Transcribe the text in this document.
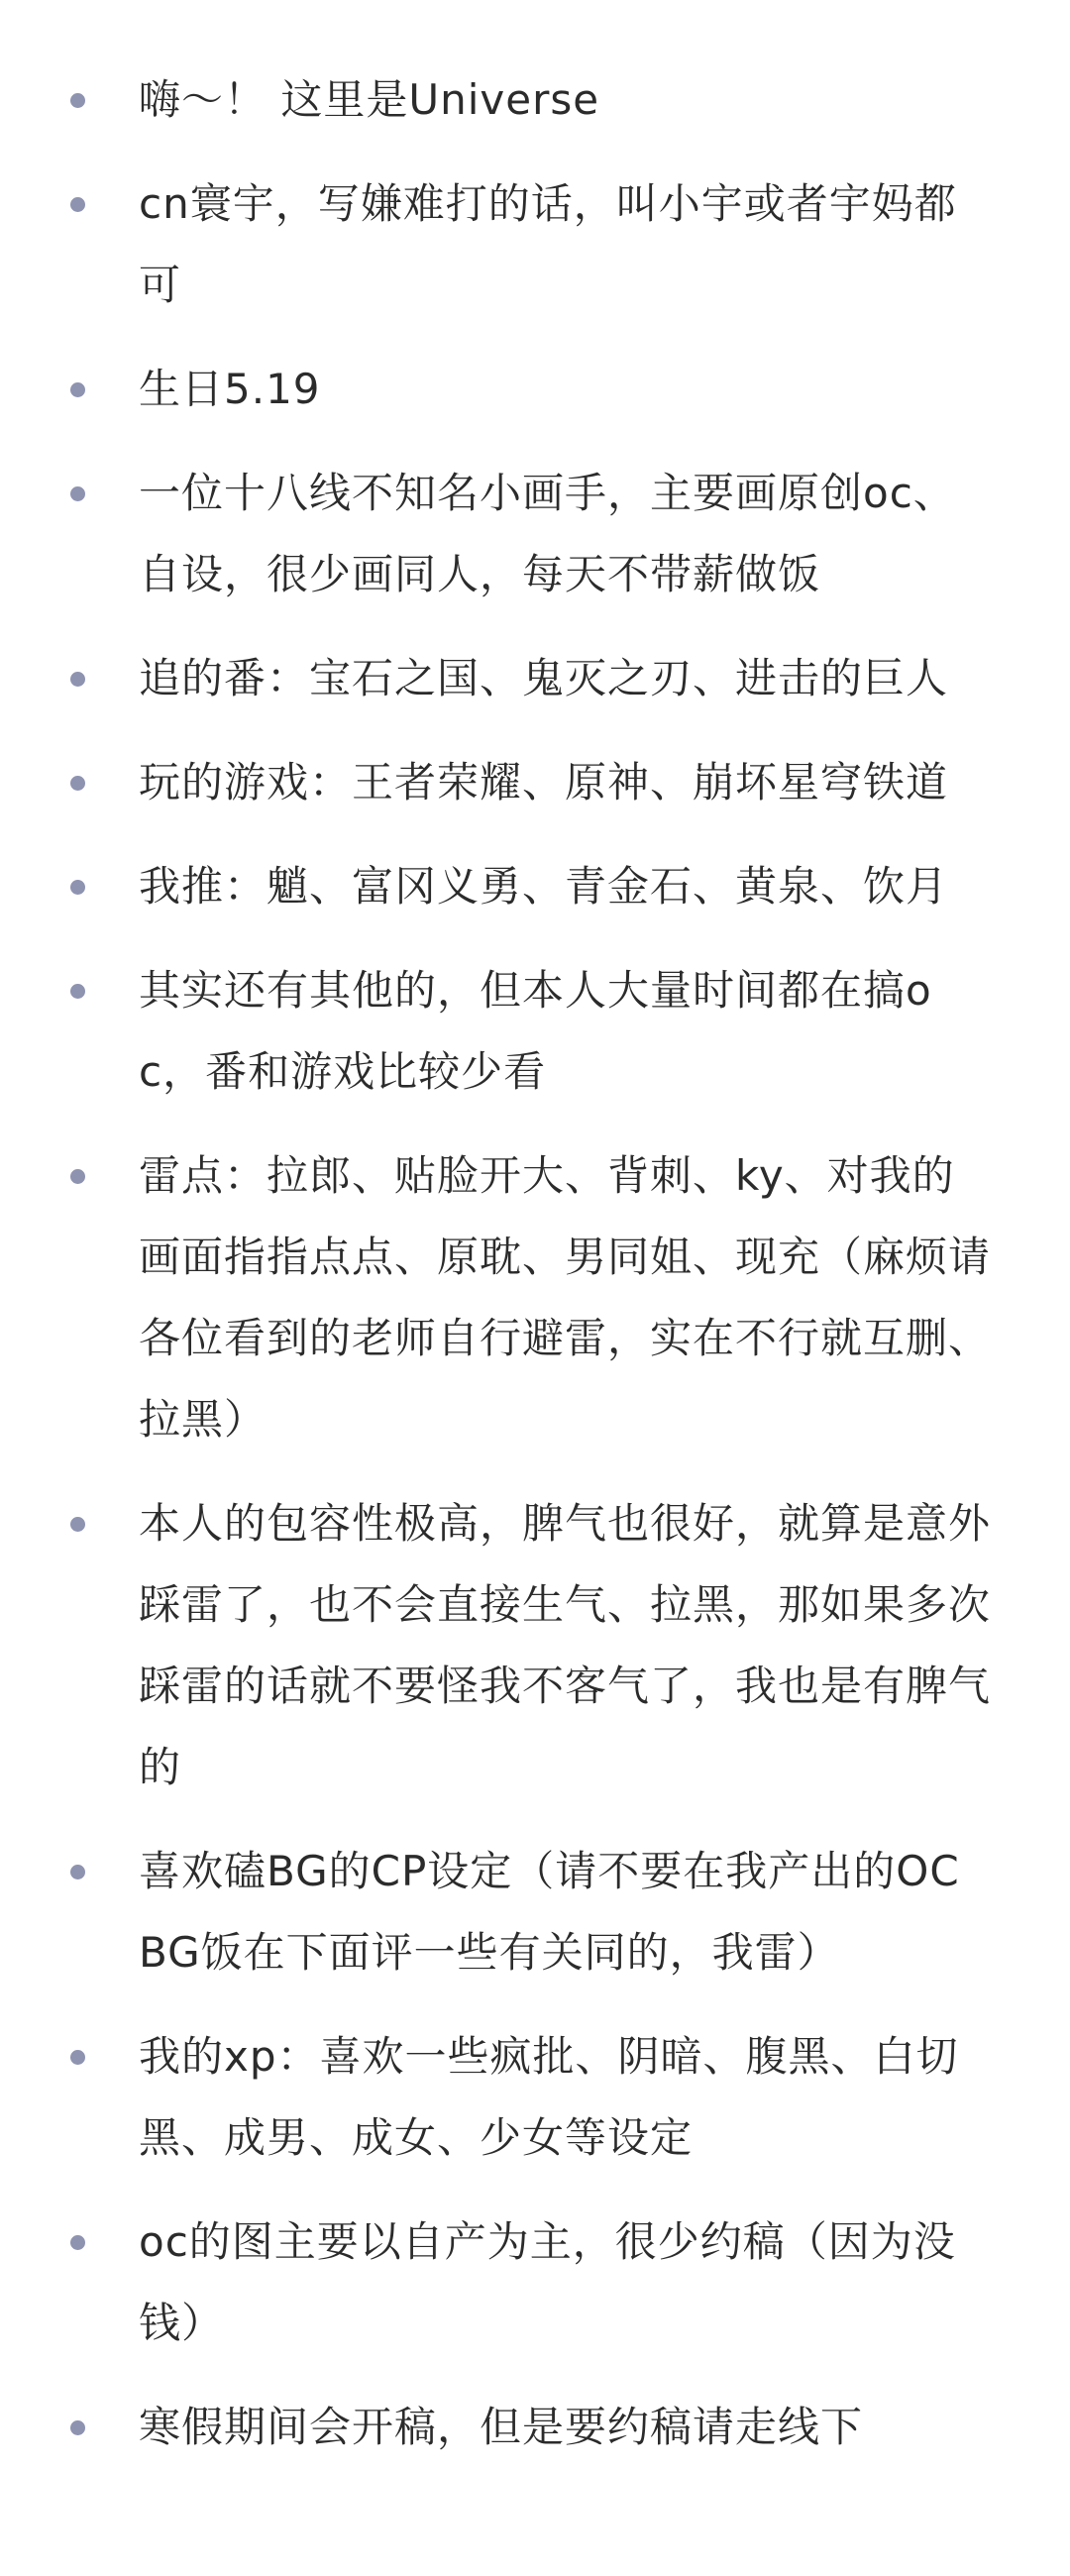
嗨～！ 这里是Universe
cn寰宇，写嫌难打的话，叫小宇或者宇妈都可
生日5.19
一位十八线不知名小画手，主要画原创oc、自设，很少画同人，每天不带薪做饭
追的番：宝石之国、鬼灭之刃、进击的巨人
玩的游戏：王者荣耀、原神、崩坏星穹铁道
我推：魈、富冈义勇、青金石、黄泉、饮月
其实还有其他的，但本人大量时间都在搞oc，番和游戏比较少看
雷点：拉郎、贴脸开大、背刺、ky、对我的画面指指点点、原耽、男同姐、现充（麻烦请各位看到的老师自行避雷，实在不行就互删、拉黑）
本人的包容性极高，脾气也很好，就算是意外踩雷了，也不会直接生气、拉黑，那如果多次踩雷的话就不要怪我不客气了，我也是有脾气的
喜欢磕BG的CP设定（请不要在我产出的OC BG饭在下面评一些有关同的，我雷）
我的xp：喜欢一些疯批、阴暗、腹黑、白切黑、成男、成女、少女等设定
oc的图主要以自产为主，很少约稿（因为没钱）
寒假期间会开稿，但是要约稿请走线下
